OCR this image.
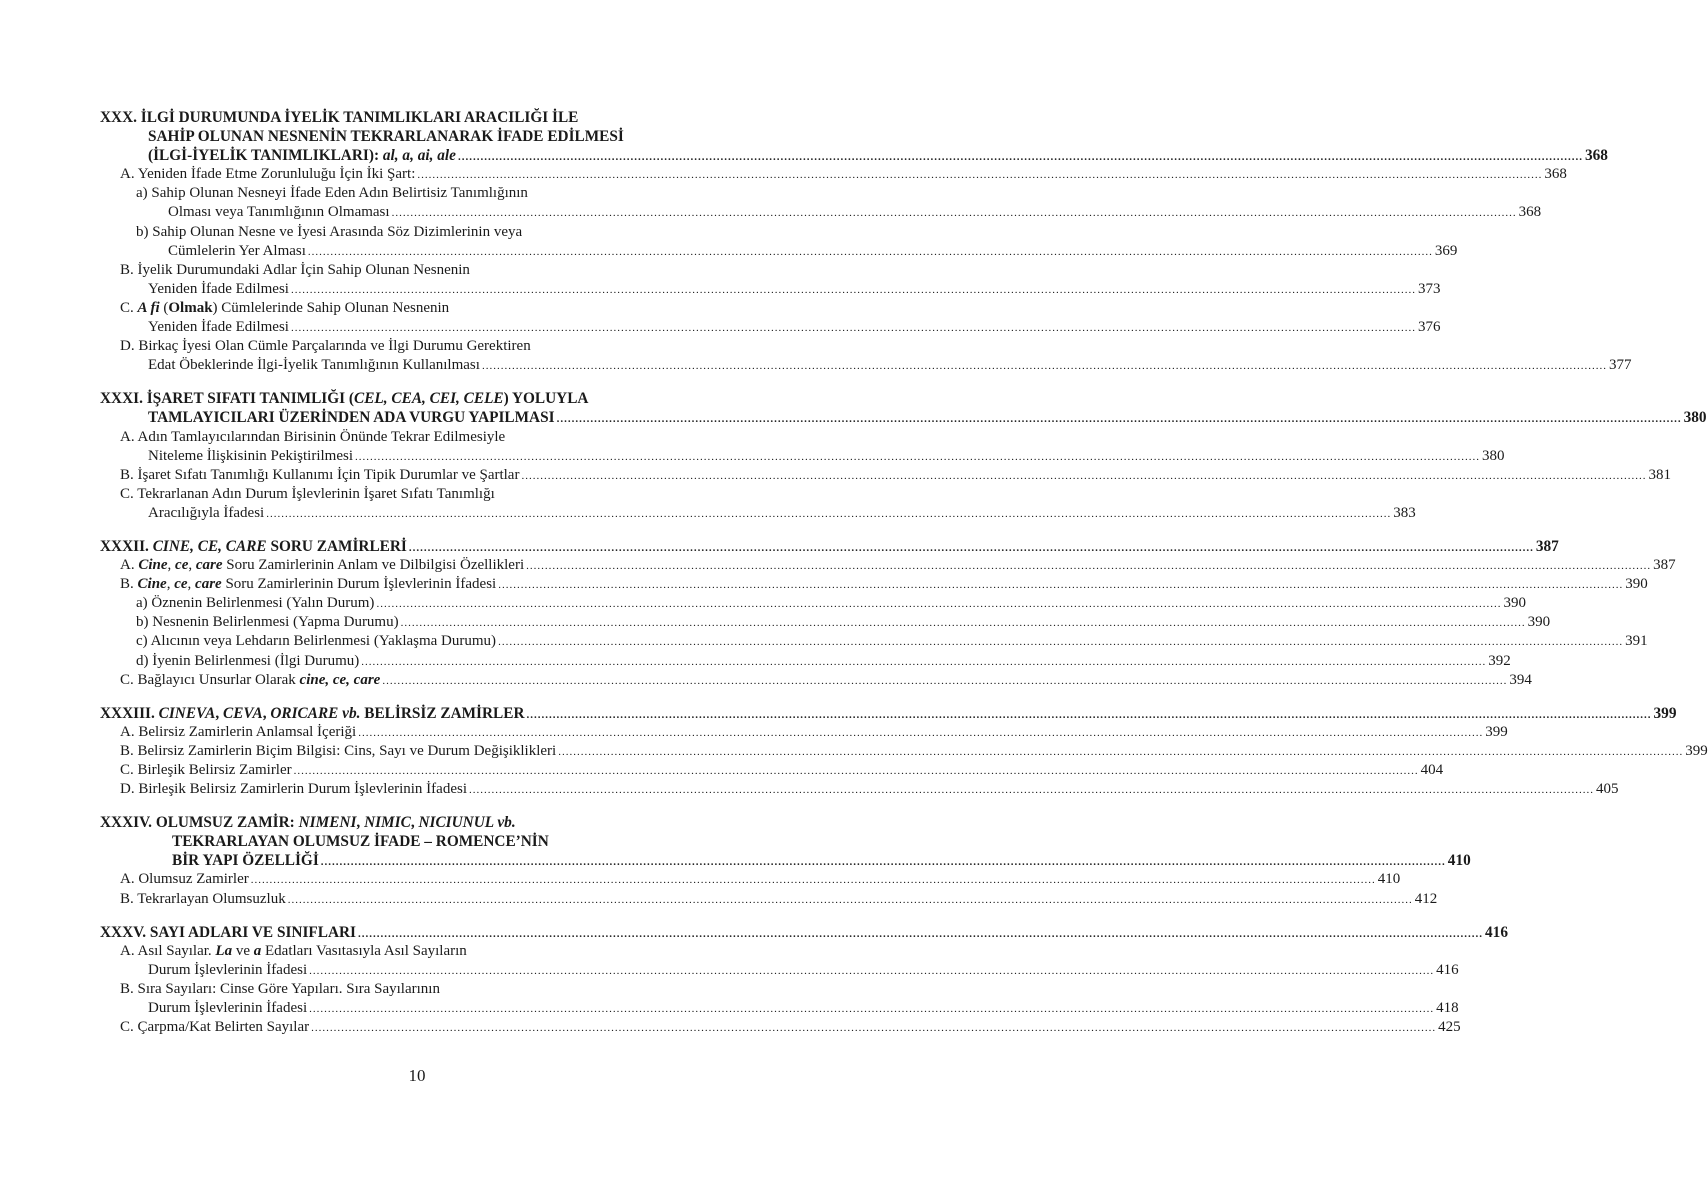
XXX. İLGİ DURUMUNDA İYELİK TANIMLIKLARI ARACILIĞI İLE
SAHİP OLUNAN NESNENİN TEKRARLANARAK İFADE EDİLMESİ
(İLGİ-İYELİK TANIMLIKLARI): al, a, ai, ale ............................................................................................................................................................................................................................................................................................................ 368
A. Yeniden İfade Etme Zorunluluğu İçin İki Şart: ............................................................................................................................................................................................................................................................................................................ 368
a) Sahip Olunan Nesneyi İfade Eden Adın Belirtisiz Tanımlığının
Olması veya Tanımlığının Olmaması ............................................................................................................................................................................................................................................................................................................ 368
b) Sahip Olunan Nesne ve İyesi Arasında Söz Dizimlerinin veya
Cümlelerin Yer Alması ............................................................................................................................................................................................................................................................................................................ 369
B. İyelik Durumundaki Adlar İçin Sahip Olunan Nesnenin
Yeniden İfade Edilmesi ............................................................................................................................................................................................................................................................................................................ 373
C. A fi (Olmak) Cümlelerinde Sahip Olunan Nesnenin
Yeniden İfade Edilmesi ............................................................................................................................................................................................................................................................................................................ 376
D. Birkaç İyesi Olan Cümle Parçalarında ve İlgi Durumu Gerektiren
Edat Öbeklerinde İlgi-İyelik Tanımlığının Kullanılması ............................................................................................................................................................................................................................................................................................................ 377
XXXI. İŞARET SIFATI TANIMLIĞI (CEL, CEA, CEI, CELE) YOLUYLA
TAMLAYICILARI ÜZERİNDEN ADA VURGU YAPILMASI ............................................................................................................................................................................................................................................................................................................ 380
A. Adın Tamlayıcılarından Birisinin Önünde Tekrar Edilmesiyle
Niteleme İlişkisinin Pekiştirilmesi ............................................................................................................................................................................................................................................................................................................ 380
B. İşaret Sıfatı Tanımlığı Kullanımı İçin Tipik Durumlar ve Şartlar ............................................................................................................................................................................................................................................................................................................ 381
C. Tekrarlanan Adın Durum İşlevlerinin İşaret Sıfatı Tanımlığı
Aracılığıyla İfadesi ............................................................................................................................................................................................................................................................................................................ 383
XXXII. CINE, CE, CARE SORU ZAMİRLERİ ............................................................................................................................................................................................................................................................................................................ 387
A. Cine, ce, care Soru Zamirlerinin Anlam ve Dilbilgisi Özellikleri ............................................................................................................................................................................................................................................................................................................ 387
B. Cine, ce, care Soru Zamirlerinin Durum İşlevlerinin İfadesi ............................................................................................................................................................................................................................................................................................................ 390
a) Öznenin Belirlenmesi (Yalın Durum) ............................................................................................................................................................................................................................................................................................................ 390
b) Nesnenin Belirlenmesi (Yapma Durumu) ............................................................................................................................................................................................................................................................................................................ 390
c) Alıcının veya Lehdarın Belirlenmesi (Yaklaşma Durumu) ............................................................................................................................................................................................................................................................................................................ 391
d) İyenin Belirlenmesi (İlgi Durumu) ............................................................................................................................................................................................................................................................................................................ 392
C. Bağlayıcı Unsurlar Olarak cine, ce, care ............................................................................................................................................................................................................................................................................................................ 394
XXXIII. CINEVA, CEVA, ORICARE vb. BELİRSİZ ZAMİRLER ............................................................................................................................................................................................................................................................................................................ 399
A. Belirsiz Zamirlerin Anlamsal İçeriği ............................................................................................................................................................................................................................................................................................................ 399
B. Belirsiz Zamirlerin Biçim Bilgisi: Cins, Sayı ve Durum Değişiklikleri ............................................................................................................................................................................................................................................................................................................ 399
C. Birleşik Belirsiz Zamirler ............................................................................................................................................................................................................................................................................................................ 404
D. Birleşik Belirsiz Zamirlerin Durum İşlevlerinin İfadesi ............................................................................................................................................................................................................................................................................................................ 405
XXXIV. OLUMSUZ ZAMİR: NIMENI, NIMIC, NICIUNUL vb.
TEKRARLAYAN OLUMSUZ İFADE – ROMENCE’NİN
BİR YAPI ÖZELLİĞİ ............................................................................................................................................................................................................................................................................................................ 410
A. Olumsuz Zamirler ............................................................................................................................................................................................................................................................................................................ 410
B. Tekrarlayan Olumsuzluk ............................................................................................................................................................................................................................................................................................................ 412
XXXV. SAYI ADLARI VE SINIFLARI ............................................................................................................................................................................................................................................................................................................ 416
A. Asıl Sayılar. La ve a Edatları Vasıtasıyla Asıl Sayıların
Durum İşlevlerinin İfadesi ............................................................................................................................................................................................................................................................................................................ 416
B. Sıra Sayıları: Cinse Göre Yapıları. Sıra Sayılarının
Durum İşlevlerinin İfadesi ............................................................................................................................................................................................................................................................................................................ 418
C. Çarpma/Kat Belirten Sayılar ............................................................................................................................................................................................................................................................................................................ 425
10
